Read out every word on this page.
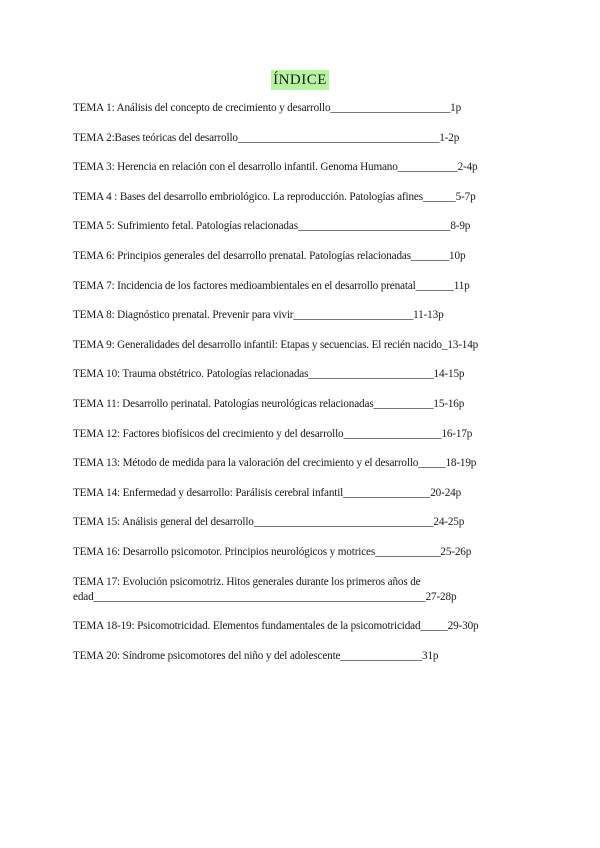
ÍNDICE
TEMA 1: Análisis del concepto de crecimiento y desarrollo______________________1p
TEMA 2:Bases teóricas del desarrollo_____________________________________1-2p
TEMA 3: Herencia en relación con el desarrollo infantil. Genoma Humano___________2-4p
TEMA 4 : Bases del desarrollo embriológico. La reproducción. Patologías afines______5-7p
TEMA 5: Sufrimiento fetal. Patologías relacionadas____________________________8-9p
TEMA 6: Principios generales del desarrollo prenatal. Patologías relacionadas_______10p
TEMA 7: Incidencia de los factores medioambientales en el desarrollo prenatal_______11p
TEMA 8: Diagnóstico prenatal. Prevenir para vivir______________________11-13p
TEMA 9: Generalidades del desarrollo infantil: Etapas y secuencias. El recién nacido_13-14p
TEMA 10: Trauma obstétrico. Patologías relacionadas_______________________14-15p
TEMA 11: Desarrollo perinatal. Patologías neurológicas relacionadas___________15-16p
TEMA 12: Factores biofísicos del crecimiento y del desarrollo__________________16-17p
TEMA 13: Método de medida para la valoración del crecimiento y el desarrollo_____18-19p
TEMA 14: Enfermedad y desarrollo: Parálisis cerebral infantil________________20-24p
TEMA 15: Análisis general del desarrollo_________________________________24-25p
TEMA 16: Desarrollo psicomotor. Principios neurológicos y motrices____________25-26p
TEMA 17: Evolución psicomotriz. Hitos generales durante los primeros años de edad_____________________________________________________________27-28p
TEMA 18-19: Psicomotricidad. Elementos fundamentales de la psicomotricidad_____29-30p
TEMA 20: Síndrome psicomotores del niño y del adolescente_______________31p
